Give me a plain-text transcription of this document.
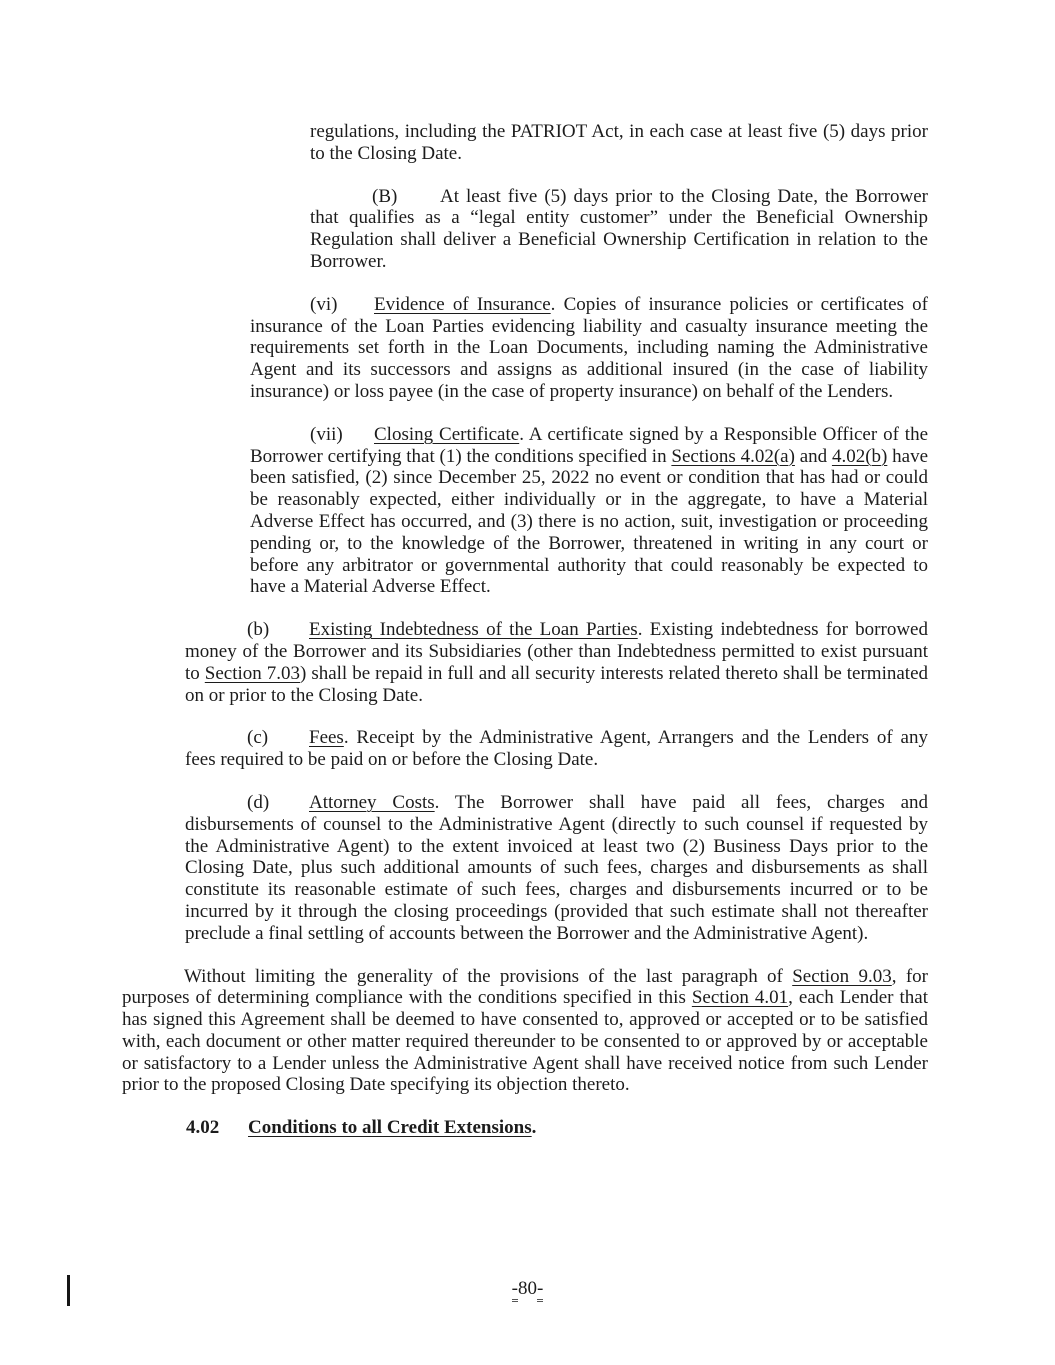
regulations, including the PATRIOT Act, in each case at least five (5) days prior to the Closing Date.
(B) At least five (5) days prior to the Closing Date, the Borrower that qualifies as a “legal entity customer” under the Beneficial Ownership Regulation shall deliver a Beneficial Ownership Certification in relation to the Borrower.
(vi) Evidence of Insurance. Copies of insurance policies or certificates of insurance of the Loan Parties evidencing liability and casualty insurance meeting the requirements set forth in the Loan Documents, including naming the Administrative Agent and its successors and assigns as additional insured (in the case of liability insurance) or loss payee (in the case of property insurance) on behalf of the Lenders.
(vii) Closing Certificate. A certificate signed by a Responsible Officer of the Borrower certifying that (1) the conditions specified in Sections 4.02(a) and 4.02(b) have been satisfied, (2) since December 25, 2022 no event or condition that has had or could be reasonably expected, either individually or in the aggregate, to have a Material Adverse Effect has occurred, and (3) there is no action, suit, investigation or proceeding pending or, to the knowledge of the Borrower, threatened in writing in any court or before any arbitrator or governmental authority that could reasonably be expected to have a Material Adverse Effect.
(b) Existing Indebtedness of the Loan Parties. Existing indebtedness for borrowed money of the Borrower and its Subsidiaries (other than Indebtedness permitted to exist pursuant to Section 7.03) shall be repaid in full and all security interests related thereto shall be terminated on or prior to the Closing Date.
(c) Fees. Receipt by the Administrative Agent, Arrangers and the Lenders of any fees required to be paid on or before the Closing Date.
(d) Attorney Costs. The Borrower shall have paid all fees, charges and disbursements of counsel to the Administrative Agent (directly to such counsel if requested by the Administrative Agent) to the extent invoiced at least two (2) Business Days prior to the Closing Date, plus such additional amounts of such fees, charges and disbursements as shall constitute its reasonable estimate of such fees, charges and disbursements incurred or to be incurred by it through the closing proceedings (provided that such estimate shall not thereafter preclude a final settling of accounts between the Borrower and the Administrative Agent).
Without limiting the generality of the provisions of the last paragraph of Section 9.03, for purposes of determining compliance with the conditions specified in this Section 4.01, each Lender that has signed this Agreement shall be deemed to have consented to, approved or accepted or to be satisfied with, each document or other matter required thereunder to be consented to or approved by or acceptable or satisfactory to a Lender unless the Administrative Agent shall have received notice from such Lender prior to the proposed Closing Date specifying its objection thereto.
4.02 Conditions to all Credit Extensions.
-80-
